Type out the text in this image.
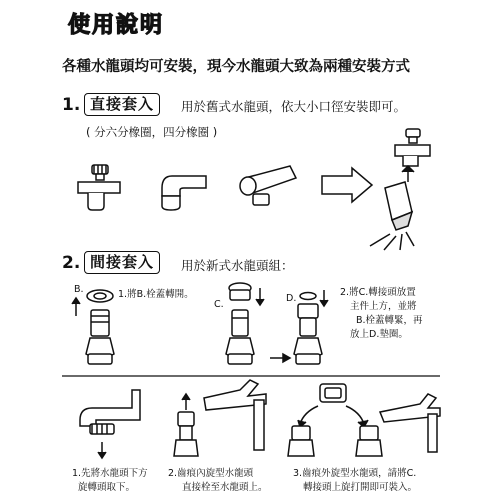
使用說明
各種水龍頭均可安裝，現今水龍頭大致為兩種安裝方式
1. 直接套入	用於舊式水龍頭，依大小口徑安裝即可。
( 分六分橡圈，四分橡圈 )
2. 間接套入	用於新式水龍頭組：
B.
C.
D.
1.將B.栓蓋轉開。	2.將C.轉接頭放置
主件上方，並將
B.栓蓋轉緊，再
放上D.墊圈。
1.先將水龍頭下方
旋轉頭取下。
2.齒痕內旋型水龍頭
直接栓至水龍頭上。
3.齒痕外旋型水龍頭，請將C.
轉接頭上旋打開即可裝入。
